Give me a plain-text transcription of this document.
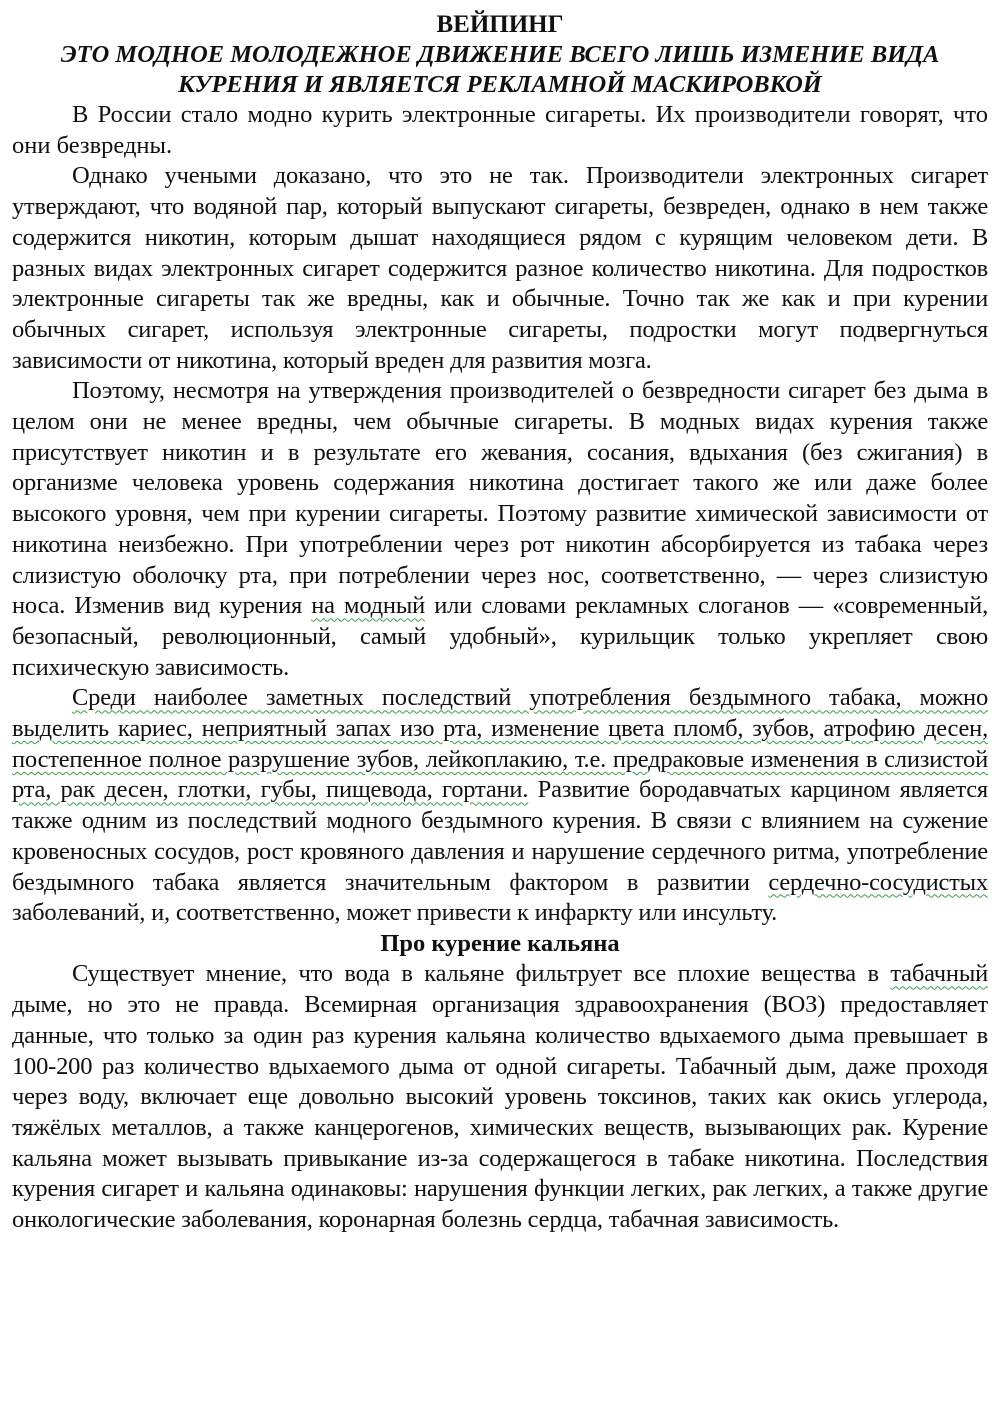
ВЕЙПИНГ
ЭТО МОДНОЕ МОЛОДЕЖНОЕ ДВИЖЕНИЕ ВСЕГО ЛИШЬ ИЗМЕНИЕ ВИДА КУРЕНИЯ И ЯВЛЯЕТСЯ РЕКЛАМНОЙ МАСКИРОВКОЙ

В России стало модно курить электронные сигареты. Их производители говорят, что они безвредны.

Однако учеными доказано, что это не так. Производители электронных сигарет утверждают, что водяной пар, который выпускают сигареты, безвреден, однако в нем также содержится никотин, которым дышат находящиеся рядом с курящим человеком дети. В разных видах электронных сигарет содержится разное количество никотина. Для подростков электронные сигареты так же вредны, как и обычные. Точно так же как и при курении обычных сигарет, используя электронные сигареты, подростки могут подвергнуться зависимости от никотина, который вреден для развития мозга.

Поэтому, несмотря на утверждения производителей о безвредности сигарет без дыма в целом они не менее вредны, чем обычные сигареты. В модных видах курения также присутствует никотин и в результате его жевания, сосания, вдыхания (без сжигания) в организме человека уровень содержания никотина достигает такого же или даже более высокого уровня, чем при курении сигареты. Поэтому развитие химической зависимости от никотина неизбежно. При употреблении через рот никотин абсорбируется из табака через слизистую оболочку рта, при потреблении через нос, соответственно, — через слизистую носа. Изменив вид курения на модный или словами рекламных слоганов — «современный, безопасный, революционный, самый удобный», курильщик только укрепляет свою психическую зависимость.

Среди наиболее заметных последствий употребления бездымного табака, можно выделить кариес, неприятный запах изо рта, изменение цвета пломб, зубов, атрофию десен, постепенное полное разрушение зубов, лейкоплакию, т.е. предраковые изменения в слизистой рта, рак десен, глотки, губы, пищевода, гортани. Развитие бородавчатых карцином является также одним из последствий модного бездымного курения. В связи с влиянием на сужение кровеносных сосудов, рост кровяного давления и нарушение сердечного ритма, употребление бездымного табака является значительным фактором в развитии сердечно-сосудистых заболеваний, и, соответственно, может привести к инфаркту или инсульту.

Про курение кальяна

Существует мнение, что вода в кальяне фильтрует все плохие вещества в табачный дыме, но это не правда. Всемирная организация здравоохранения (ВОЗ) предоставляет данные, что только за один раз курения кальяна количество вдыхаемого дыма превышает в 100-200 раз количество вдыхаемого дыма от одной сигареты. Табачный дым, даже проходя через воду, включает еще довольно высокий уровень токсинов, таких как окись углерода, тяжёлых металлов, а также канцерогенов, химических веществ, вызывающих рак. Курение кальяна может вызывать привыкание из-за содержащегося в табаке никотина. Последствия курения сигарет и кальяна одинаковы: нарушения функции легких, рак легких, а также другие онкологические заболевания, коронарная болезнь сердца, табачная зависимость.
